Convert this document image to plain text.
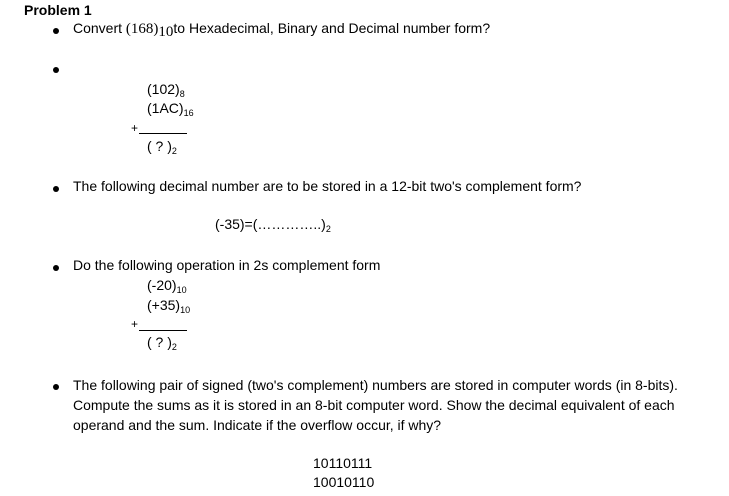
Problem 1
Convert (168)10to Hexadecimal, Binary and Decimal number form?
$(102)_8$
$(1AC)_{16}$
+
( ? )$_2$
The following decimal number are to be stored in a 12-bit two's complement form?
$(-35)=(\dots\dots\dots\dots..)_2$
Do the following operation in 2s complement form
$(-20)_{10}$
$(+35)_{10}$
+
( ? )$_2$
The following pair of signed (two's complement) numbers are stored in computer words (in 8-bits). Compute the sums as it is stored in an 8-bit computer word. Show the decimal equivalent of each operand and the sum. Indicate if the overflow occur, if why?
10110111
10010110
